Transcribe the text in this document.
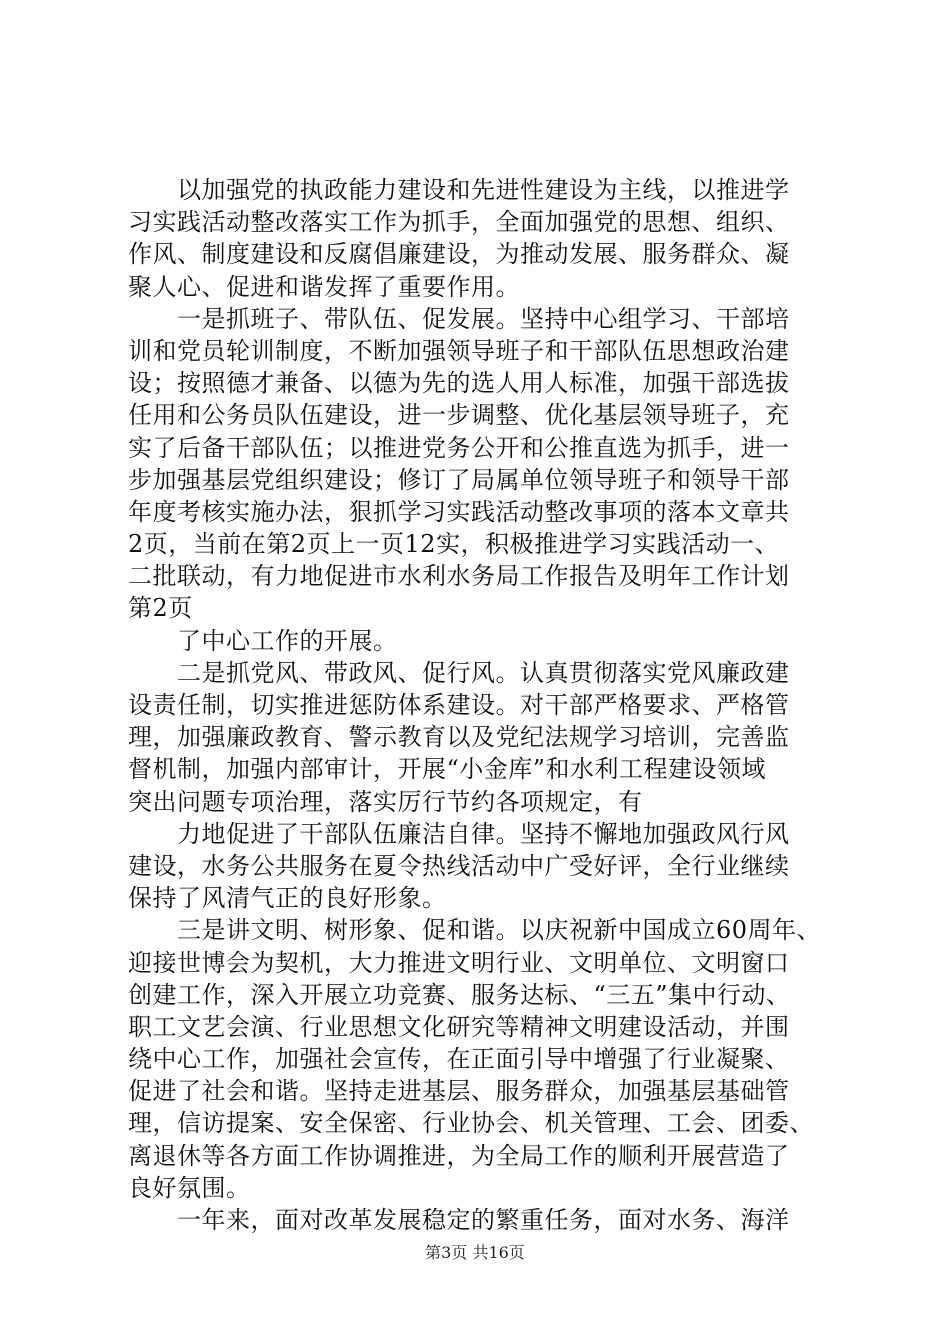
　　以加强党的执政能力建设和先进性建设为主线，以推进学
习实践活动整改落实工作为抓手，全面加强党的思想、组织、
作风、制度建设和反腐倡廉建设，为推动发展、服务群众、凝
聚人心、促进和谐发挥了重要作用。
　　一是抓班子、带队伍、促发展。坚持中心组学习、干部培
训和党员轮训制度，不断加强领导班子和干部队伍思想政治建
设；按照德才兼备、以德为先的选人用人标准，加强干部选拔
任用和公务员队伍建设，进一步调整、优化基层领导班子，充
实了后备干部队伍；以推进党务公开和公推直选为抓手，进一
步加强基层党组织建设；修订了局属单位领导班子和领导干部
年度考核实施办法，狠抓学习实践活动整改事项的落本文章共
2页，当前在第2页上一页12实，积极推进学习实践活动一、
二批联动，有力地促进市水利水务局工作报告及明年工作计划
第2页
　　了中心工作的开展。
　　二是抓党风、带政风、促行风。认真贯彻落实党风廉政建
设责任制，切实推进惩防体系建设。对干部严格要求、严格管
理，加强廉政教育、警示教育以及党纪法规学习培训，完善监
督机制，加强内部审计，开展“小金库”和水利工程建设领域
突出问题专项治理，落实厉行节约各项规定，有
　　力地促进了干部队伍廉洁自律。坚持不懈地加强政风行风
建设，水务公共服务在夏令热线活动中广受好评，全行业继续
保持了风清气正的良好形象。
　　三是讲文明、树形象、促和谐。以庆祝新中国成立60周年、
迎接世博会为契机，大力推进文明行业、文明单位、文明窗口
创建工作，深入开展立功竞赛、服务达标、“三五”集中行动、
职工文艺会演、行业思想文化研究等精神文明建设活动，并围
绕中心工作，加强社会宣传，在正面引导中增强了行业凝聚、
促进了社会和谐。坚持走进基层、服务群众，加强基层基础管
理，信访提案、安全保密、行业协会、机关管理、工会、团委、
离退休等各方面工作协调推进，为全局工作的顺利开展营造了
良好氛围。
　　一年来，面对改革发展稳定的繁重任务，面对水务、海洋
第3页 共16页
